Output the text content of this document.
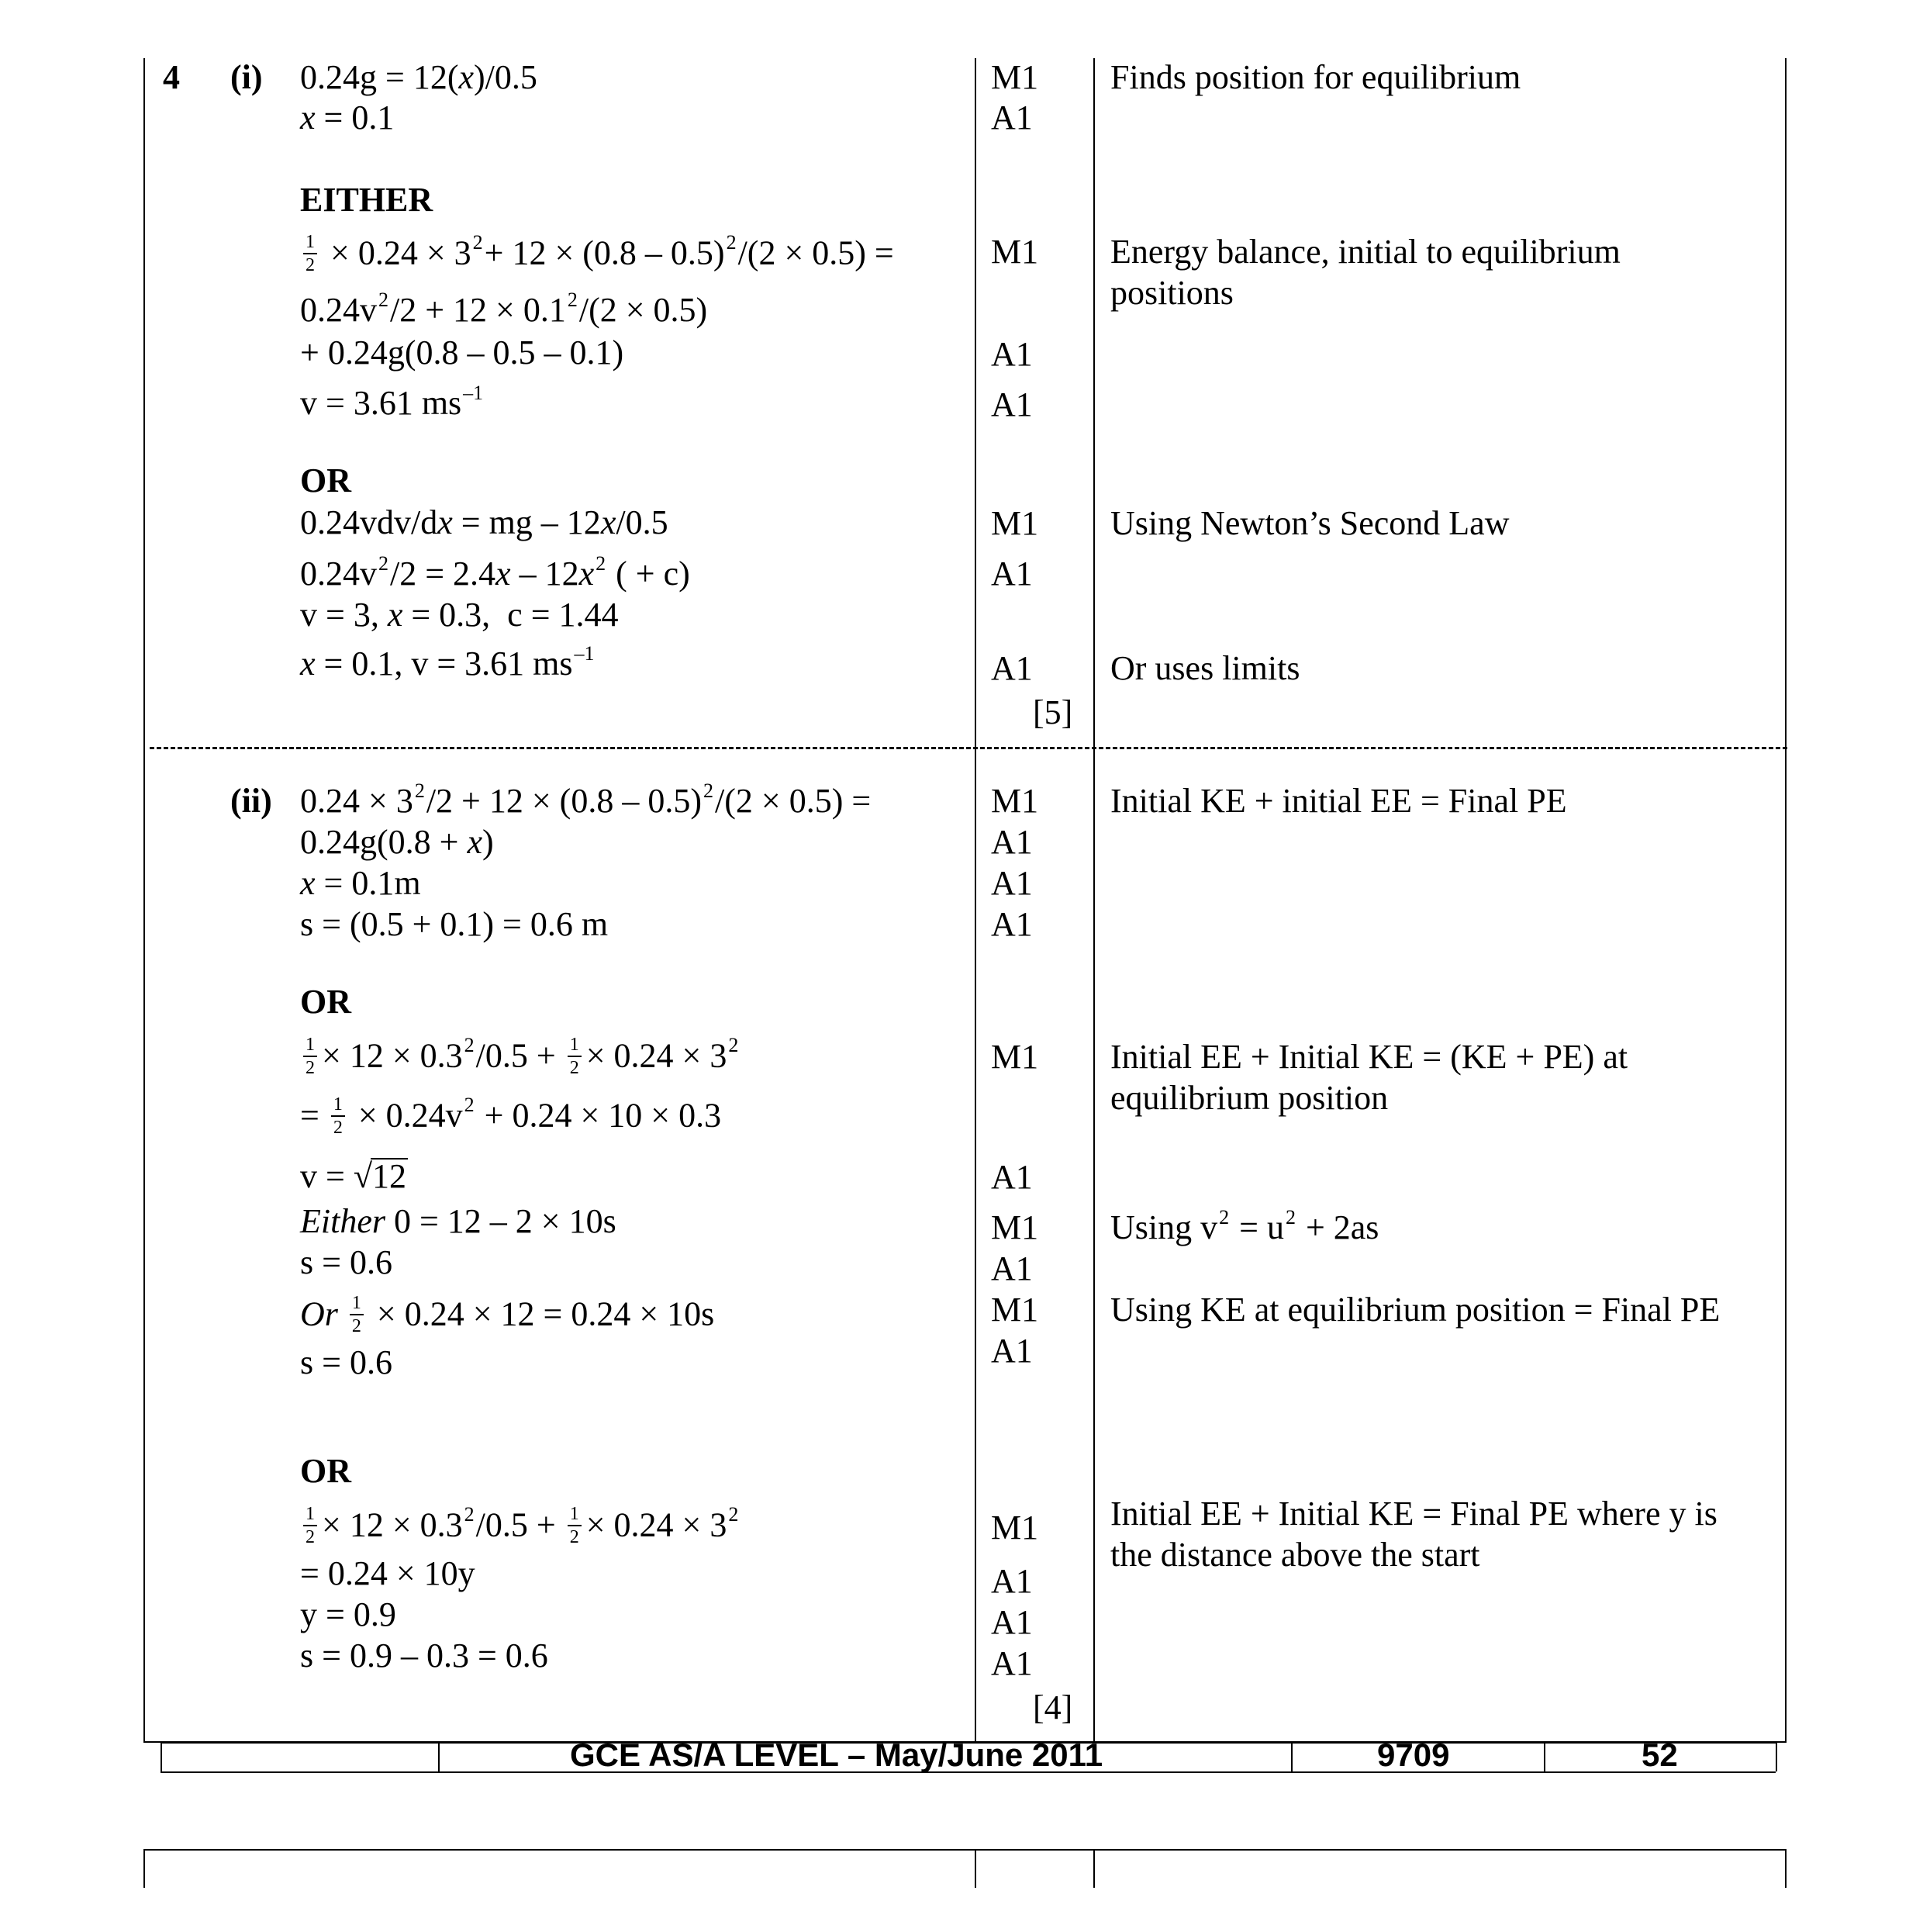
4 (i) 0.24g = 12(x)/0.5
x = 0.1
EITHER
$\frac{1}{2} \times 0.24 \times 3^2+ 12 \times (0.8 - 0.5)^2/(2 \times 0.5)$ =
$0.24v^2/2 + 12 \times 0.1^2/(2 \times 0.5)$
+ 0.24g(0.8 – 0.5 – 0.1)
v = 3.61 $ms^{-1}$
OR
0.24vdv/dx = mg – 12x/0.5
$0.24v^2/2 = 2.4x - 12x^2$ ( + c)
v = 3, x = 0.3,  c = 1.44
x = 0.1, v = 3.61 $ms^{-1}$
M1
A1
M1
A1
A1
M1
A1
A1
[5]
Finds position for equilibrium
Energy balance, initial to equilibrium
positions
Using Newton’s Second Law
Or uses limits
(ii) $0.24 \times 3^2/2 + 12 \times (0.8 - 0.5)^2/(2 \times 0.5)$ =
0.24g(0.8 + x)
x = 0.1m
s = (0.5 + 0.1) = 0.6 m
OR
$\frac{1}{2} \times 12 \times 0.3^2/0.5 + \frac{1}{2} \times 0.24 \times 3^2$
= $\frac{1}{2} \times 0.24v^2 + 0.24 \times 10 \times 0.3$
v = √12
Either 0 = 12 – 2 × 10s
s = 0.6
Or $\frac{1}{2} \times 0.24 \times 12 = 0.24 \times 10s$
s = 0.6
OR
$\frac{1}{2} \times 12 \times 0.3^2/0.5 + \frac{1}{2} \times 0.24 \times 3^2$
= 0.24 × 10y
y = 0.9
s = 0.9 – 0.3 = 0.6
M1
A1
A1
A1
M1
A1
M1
A1
M1
A1
M1
A1
A1
A1
[4]
Initial KE + initial EE = Final PE
Initial EE + Initial KE = (KE + PE) at
equilibrium position
Using $v^2 = u^2 + 2as$
Using KE at equilibrium position = Final PE
Initial EE + Initial KE = Final PE where y is
the distance above the start
GCE AS/A LEVEL – May/June 2011	9709	52
